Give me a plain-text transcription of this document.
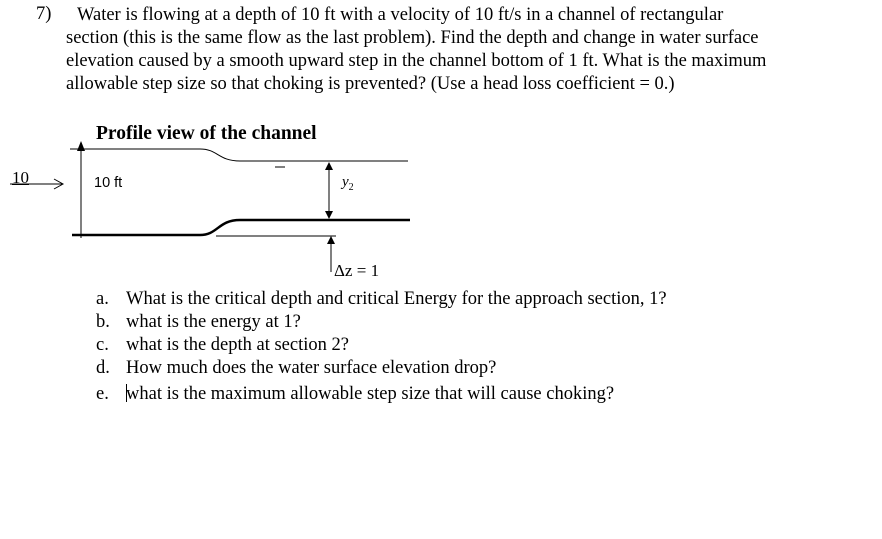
7) Water is flowing at a depth of 10 ft with a velocity of 10 ft/s in a channel of rectangular
section (this is the same flow as the last problem). Find the depth and change in water surface
elevation caused by a smooth upward step in the channel bottom of 1 ft. What is the maximum
allowable step size so that choking is prevented? (Use a head loss coefficient = 0.)
Profile view of the channel
10	10 ft	$y_2$
Δz = 1
a. What is the critical depth and critical Energy for the approach section, 1?
b. what is the energy at 1?
c. what is the depth at section 2?
d. How much does the water surface elevation drop?
e. what is the maximum allowable step size that will cause choking?
